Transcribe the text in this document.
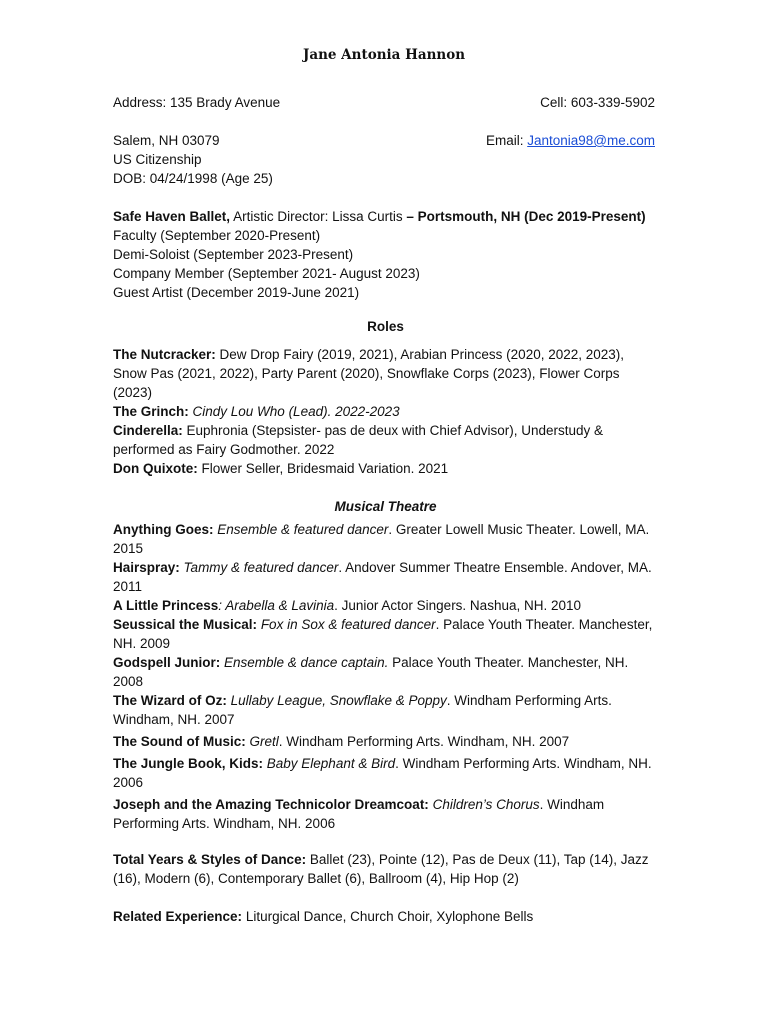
Jane Antonia Hannon
Address: 135 Brady Avenue	Cell: 603-339-5902
Salem, NH 03079	Email: Jantonia98@me.com
US Citizenship
DOB: 04/24/1998 (Age 25)

Safe Haven Ballet, Artistic Director: Lissa Curtis – Portsmouth, NH (Dec 2019-Present)

Faculty (September 2020-Present)

Demi-Soloist (September 2023-Present)

Company Member (September 2021- August 2023)

Guest Artist (December 2019-June 2021)

Roles

The Nutcracker: Dew Drop Fairy (2019, 2021), Arabian Princess (2020, 2022, 2023), Snow Pas (2021, 2022), Party Parent (2020), Snowflake Corps (2023), Flower Corps (2023)

The Grinch: Cindy Lou Who (Lead). 2022-2023

Cinderella: Euphronia (Stepsister- pas de deux with Chief Advisor), Understudy & performed as Fairy Godmother. 2022

Don Quixote: Flower Seller, Bridesmaid Variation. 2021

Musical Theatre

Anything Goes: Ensemble & featured dancer. Greater Lowell Music Theater. Lowell, MA. 2015

Hairspray: Tammy & featured dancer. Andover Summer Theatre Ensemble. Andover, MA. 2011

A Little Princess: Arabella & Lavinia. Junior Actor Singers. Nashua, NH. 2010

Seussical the Musical: Fox in Sox & featured dancer. Palace Youth Theater. Manchester, NH. 2009

Godspell Junior: Ensemble & dance captain. Palace Youth Theater. Manchester, NH. 2008

The Wizard of Oz: Lullaby League, Snowflake & Poppy. Windham Performing Arts. Windham, NH. 2007

The Sound of Music: Gretl. Windham Performing Arts. Windham, NH. 2007

The Jungle Book, Kids: Baby Elephant & Bird. Windham Performing Arts. Windham, NH. 2006

Joseph and the Amazing Technicolor Dreamcoat: Children’s Chorus. Windham Performing Arts. Windham, NH. 2006

Total Years & Styles of Dance: Ballet (23), Pointe (12), Pas de Deux (11), Tap (14), Jazz (16), Modern (6), Contemporary Ballet (6), Ballroom (4), Hip Hop (2)

Related Experience: Liturgical Dance, Church Choir, Xylophone Bells
